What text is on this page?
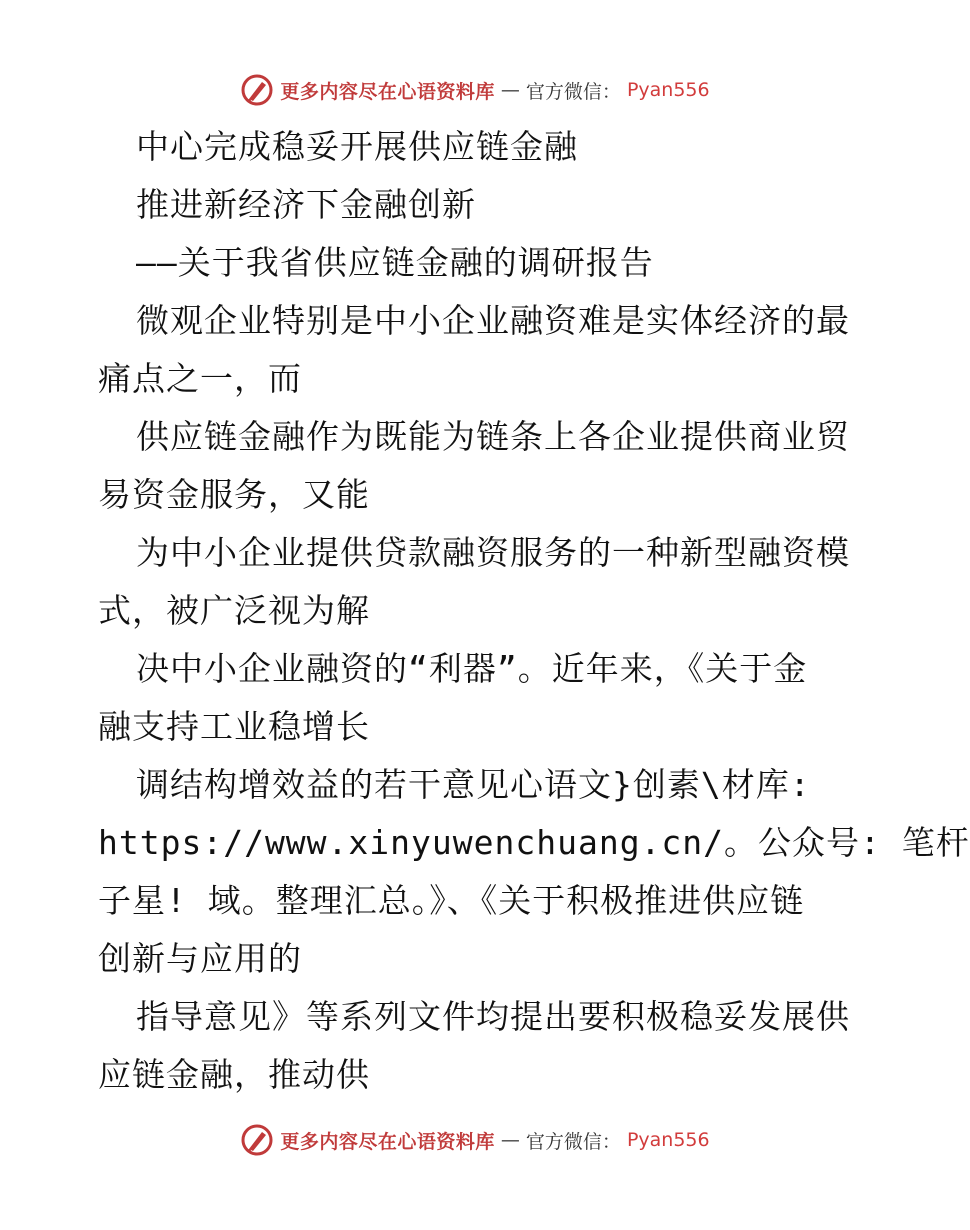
更多内容尽在心语资料库 — 官方微信： Pyan556
中心完成稳妥开展供应链金融
推进新经济下金融创新
——关于我省供应链金融的调研报告
微观企业特别是中小企业融资难是实体经济的最
痛点之一，而
供应链金融作为既能为链条上各企业提供商业贸
易资金服务，又能
为中小企业提供贷款融资服务的一种新型融资模
式，被广泛视为解
决中小企业融资的“利器”。近年来，《关于金
融支持工业稳增长
调结构增效益的若干意见心语文}创素\材库:
https://www.xinyuwenchuang.cn/。公众号: 笔杆
子星! 域。整理汇总。》、《关于积极推进供应链
创新与应用的
指导意见》等系列文件均提出要积极稳妥发展供
应链金融，推动供
更多内容尽在心语资料库 — 官方微信： Pyan556
